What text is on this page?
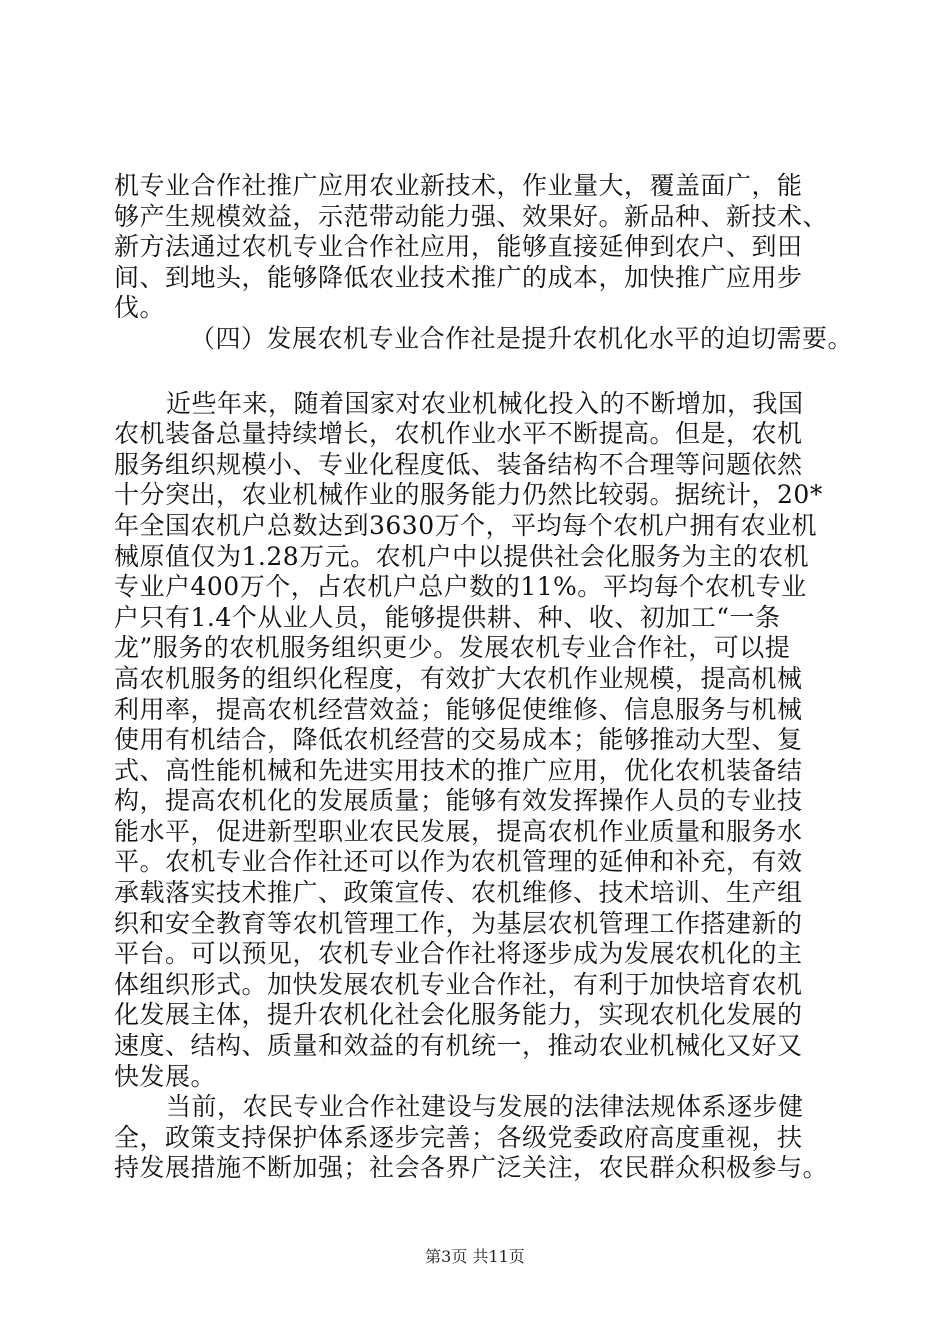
机专业合作社推广应用农业新技术，作业量大，覆盖面广，能
够产生规模效益，示范带动能力强、效果好。新品种、新技术、
新方法通过农机专业合作社应用，能够直接延伸到农户、到田
间、到地头，能够降低农业技术推广的成本，加快推广应用步
伐。
（四）发展农机专业合作社是提升农机化水平的迫切需要。
近些年来，随着国家对农业机械化投入的不断增加，我国
农机装备总量持续增长，农机作业水平不断提高。但是，农机
服务组织规模小、专业化程度低、装备结构不合理等问题依然
十分突出，农业机械作业的服务能力仍然比较弱。据统计，20*
年全国农机户总数达到3630万个，平均每个农机户拥有农业机
械原值仅为1.28万元。农机户中以提供社会化服务为主的农机
专业户400万个，占农机户总户数的11%。平均每个农机专业
户只有1.4个从业人员，能够提供耕、种、收、初加工“一条
龙”服务的农机服务组织更少。发展农机专业合作社，可以提
高农机服务的组织化程度，有效扩大农机作业规模，提高机械
利用率，提高农机经营效益；能够促使维修、信息服务与机械
使用有机结合，降低农机经营的交易成本；能够推动大型、复
式、高性能机械和先进实用技术的推广应用，优化农机装备结
构，提高农机化的发展质量；能够有效发挥操作人员的专业技
能水平，促进新型职业农民发展，提高农机作业质量和服务水
平。农机专业合作社还可以作为农机管理的延伸和补充，有效
承载落实技术推广、政策宣传、农机维修、技术培训、生产组
织和安全教育等农机管理工作，为基层农机管理工作搭建新的
平台。可以预见，农机专业合作社将逐步成为发展农机化的主
体组织形式。加快发展农机专业合作社，有利于加快培育农机
化发展主体，提升农机化社会化服务能力，实现农机化发展的
速度、结构、质量和效益的有机统一，推动农业机械化又好又
快发展。
当前，农民专业合作社建设与发展的法律法规体系逐步健
全，政策支持保护体系逐步完善；各级党委政府高度重视，扶
持发展措施不断加强；社会各界广泛关注，农民群众积极参与。
第3页 共11页
